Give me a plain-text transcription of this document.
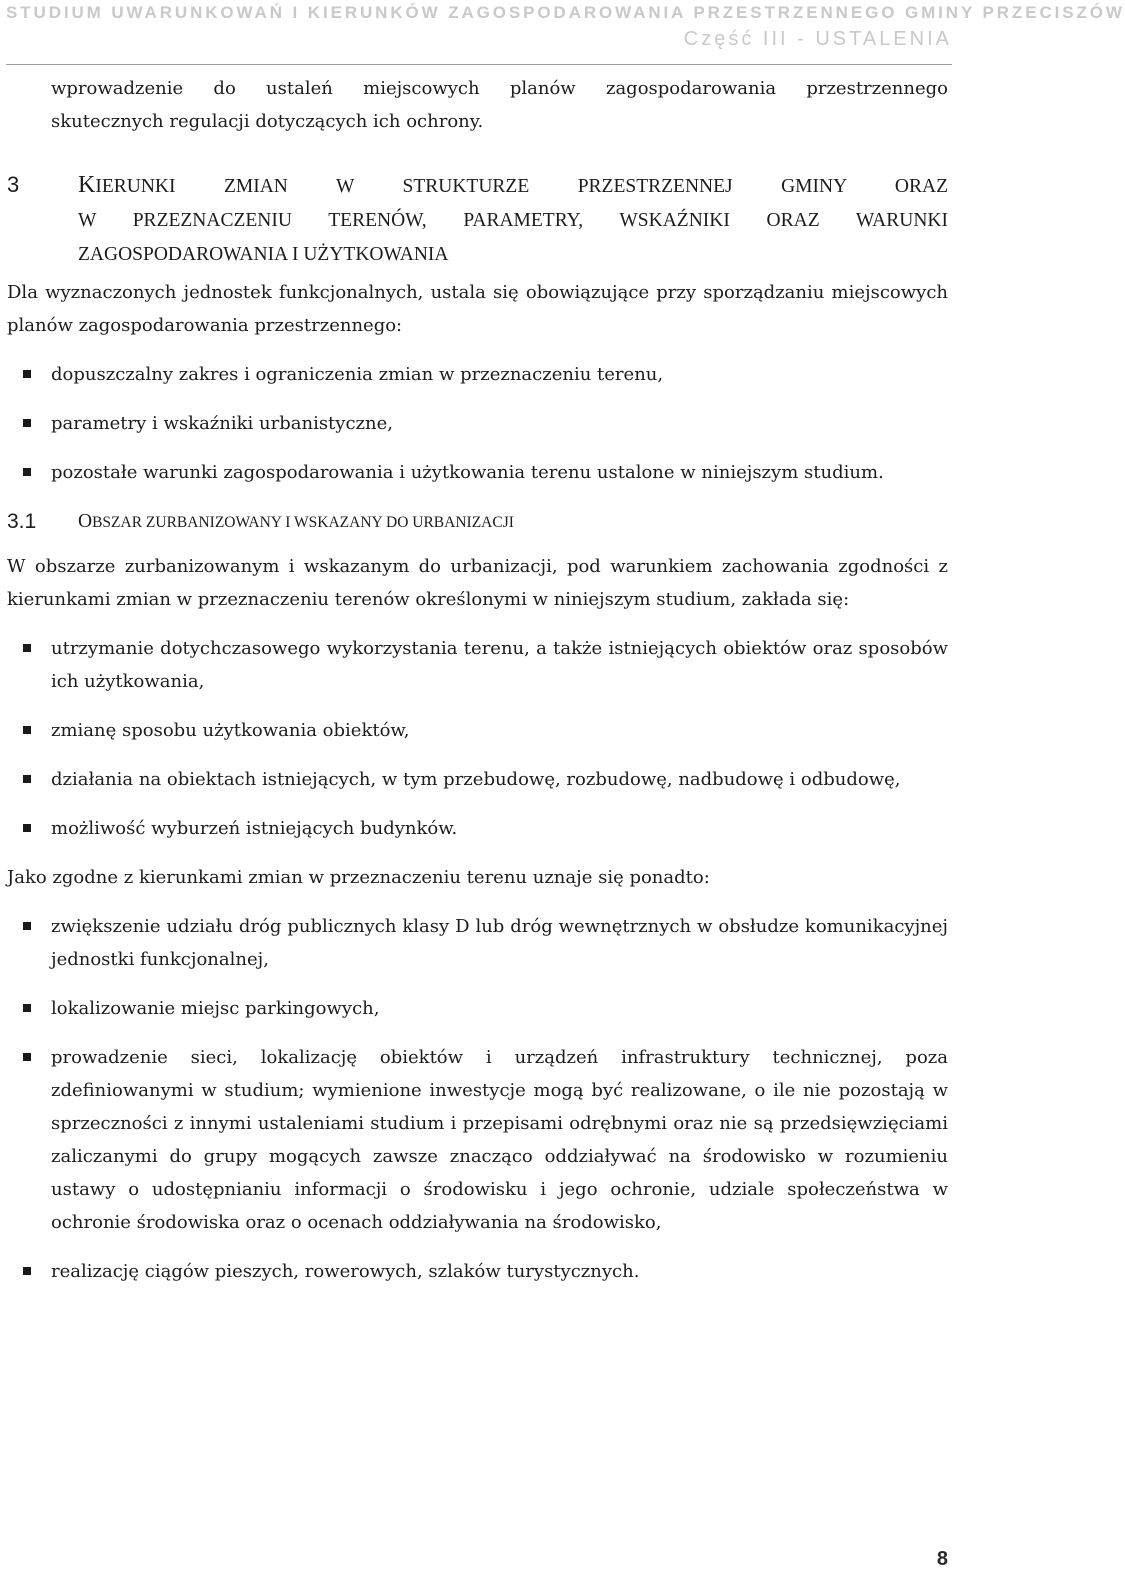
STUDIUM UWARUNKOWAŃ I KIERUNKÓW ZAGOSPODAROWANIA PRZESTRZENNEGO GMINY PRZECISZÓW
Część III - USTALENIA

wprowadzenie do ustaleń miejscowych planów zagospodarowania przestrzennego

skutecznych regulacji dotyczących ich ochrony.

3	KIERUNKI ZMIAN W STRUKTURZE PRZESTRZENNEJ GMINY ORAZ
W PRZEZNACZENIU TERENÓW, PARAMETRY, WSKAŹNIKI ORAZ WARUNKI
ZAGOSPODAROWANIA I UŻYTKOWANIA

Dla wyznaczonych jednostek funkcjonalnych, ustala się obowiązujące przy sporządzaniu miejscowych planów zagospodarowania przestrzennego:

dopuszczalny zakres i ograniczenia zmian w przeznaczeniu terenu,
parametry i wskaźniki urbanistyczne,
pozostałe warunki zagospodarowania i użytkowania terenu ustalone w niniejszym studium.
3.1	OBSZAR ZURBANIZOWANY I WSKAZANY DO URBANIZACJI

W obszarze zurbanizowanym i wskazanym do urbanizacji, pod warunkiem zachowania zgodności z kierunkami zmian w przeznaczeniu terenów określonymi w niniejszym studium, zakłada się:

utrzymanie dotychczasowego wykorzystania terenu, a także istniejących obiektów oraz sposobów ich użytkowania,
zmianę sposobu użytkowania obiektów,
działania na obiektach istniejących, w tym przebudowę, rozbudowę, nadbudowę i odbudowę,
możliwość wyburzeń istniejących budynków.

Jako zgodne z kierunkami zmian w przeznaczeniu terenu uznaje się ponadto:

zwiększenie udziału dróg publicznych klasy D lub dróg wewnętrznych w obsłudze komunikacyjnej jednostki funkcjonalnej,
lokalizowanie miejsc parkingowych,
prowadzenie sieci, lokalizację obiektów i urządzeń infrastruktury technicznej, poza zdefiniowanymi w studium; wymienione inwestycje mogą być realizowane, o ile nie pozostają w sprzeczności z innymi ustaleniami studium i przepisami odrębnymi oraz nie są przedsięwzięciami zaliczanymi do grupy mogących zawsze znacząco oddziaływać na środowisko w rozumieniu ustawy o udostępnianiu informacji o środowisku i jego ochronie, udziale społeczeństwa w ochronie środowiska oraz o ocenach oddziaływania na środowisko,
realizację ciągów pieszych, rowerowych, szlaków turystycznych.
8
